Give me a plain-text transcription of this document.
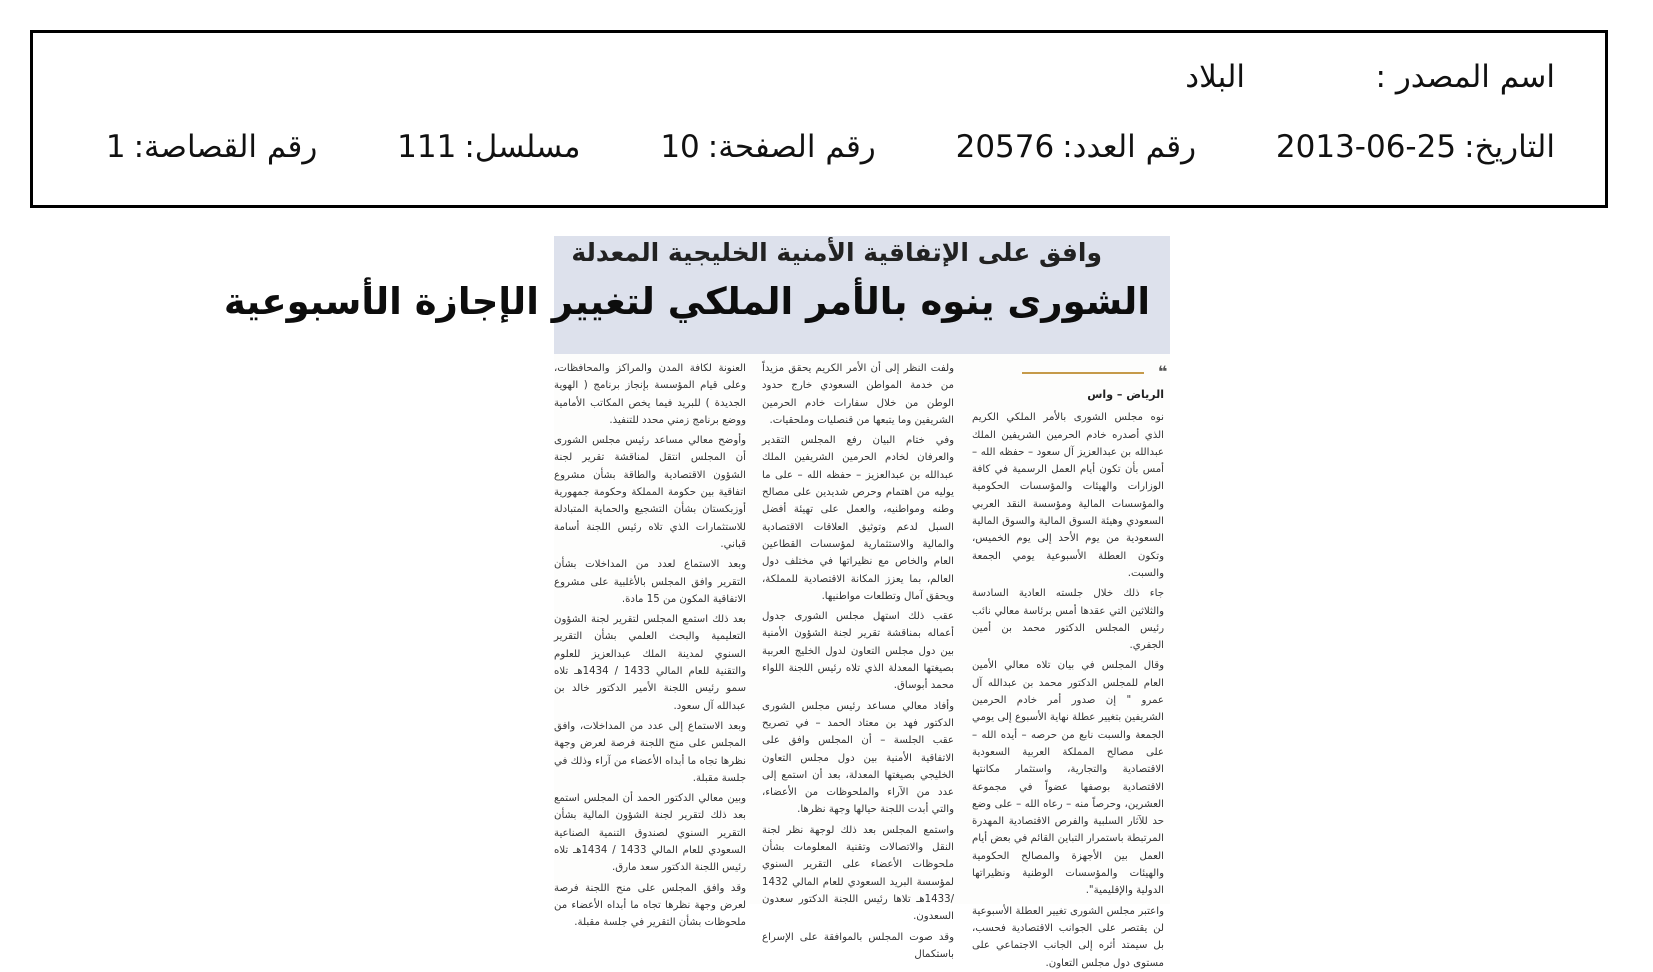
اسم المصدر :
البلاد
التاريخ:2013-06-25 رقم العدد:20576 رقم الصفحة:10 مسلسل:111 رقم القصاصة:1
وافق على الإتفاقية الأمنية الخليجية المعدلة
الشورى ينوه بالأمر الملكي لتغيير الإجازة الأسبوعية
❝

الرياض – واس

نوه مجلس الشورى بالأمر الملكي الكريم الذي أصدره خادم الحرمين الشريفين الملك عبدالله بن عبدالعزيز آل سعود – حفظه الله – أمس بأن تكون أيام العمل الرسمية في كافة الوزارات والهيئات والمؤسسات الحكومية والمؤسسات المالية ومؤسسة النقد العربي السعودي وهيئة السوق المالية والسوق المالية السعودية من يوم الأحد إلى يوم الخميس، وتكون العطلة الأسبوعية يومي الجمعة والسبت.

جاء ذلك خلال جلسته العادية السادسة والثلاثين التي عقدها أمس برئاسة معالي نائب رئيس المجلس الدكتور محمد بن أمين الجفري.

وقال المجلس في بيان تلاه معالي الأمين العام للمجلس الدكتور محمد بن عبدالله آل عمرو " إن صدور أمر خادم الحرمين الشريفين بتغيير عطلة نهاية الأسبوع إلى يومي الجمعة والسبت نابع من حرصه – أيده الله – على مصالح المملكة العربية السعودية الاقتصادية والتجارية، واستثمار مكانتها الاقتصادية بوصفها عضواً في مجموعة العشرين، وحرصاً منه – رعاه الله – على وضع حد للآثار السلبية والفرص الاقتصادية المهدرة المرتبطة باستمرار التباين القائم في بعض أيام العمل بين الأجهزة والمصالح الحكومية والهيئات والمؤسسات الوطنية ونظيراتها الدولية والإقليمية".

واعتبر مجلس الشورى تغيير العطلة الأسبوعية لن يقتصر على الجوانب الاقتصادية فحسب، بل سيمتد أثره إلى الجانب الاجتماعي على مستوى دول مجلس التعاون.

ولفت النظر إلى أن الأمر الكريم يحقق مزيداً من خدمة المواطن السعودي خارج حدود الوطن من خلال سفارات خادم الحرمين الشريفين وما يتبعها من قنصليات وملحقيات.

وفي ختام البيان رفع المجلس التقدير والعرفان لخادم الحرمين الشريفين الملك عبدالله بن عبدالعزيز – حفظه الله – على ما يوليه من اهتمام وحرص شديدين على مصالح وطنه ومواطنيه، والعمل على تهيئة أفضل السبل لدعم وتوثيق العلاقات الاقتصادية والمالية والاستثمارية لمؤسسات القطاعين العام والخاص مع نظيراتها في مختلف دول العالم، بما يعزز المكانة الاقتصادية للمملكة، ويحقق آمال وتطلعات مواطنيها.

عقب ذلك استهل مجلس الشورى جدول أعماله بمناقشة تقرير لجنة الشؤون الأمنية بين دول مجلس التعاون لدول الخليج العربية بصيغتها المعدلة الذي تلاه رئيس اللجنة اللواء محمد أبوساق.

وأفاد معالي مساعد رئيس مجلس الشورى الدكتور فهد بن معتاد الحمد – في تصريح عقب الجلسة – أن المجلس وافق على الاتفاقية الأمنية بين دول مجلس التعاون الخليجي بصيغتها المعدلة، بعد أن استمع إلى عدد من الآراء والملحوظات من الأعضاء، والتي أبدت اللجنة حيالها وجهة نظرها.

واستمع المجلس بعد ذلك لوجهة نظر لجنة النقل والاتصالات وتقنية المعلومات بشأن ملحوظات الأعضاء على التقرير السنوي لمؤسسة البريد السعودي للعام المالي 1432 /1433هـ تلاها رئيس اللجنة الدكتور سعدون السعدون.

وقد صوت المجلس بالموافقة على الإسراع باستكمال

العنونة لكافة المدن والمراكز والمحافظات، وعلى قيام المؤسسة بإنجاز برنامج ( الهوية الجديدة ) للبريد فيما يخص المكاتب الأمامية ووضع برنامج زمني محدد للتنفيذ.

وأوضح معالي مساعد رئيس مجلس الشورى أن المجلس انتقل لمناقشة تقرير لجنة الشؤون الاقتصادية والطاقة بشأن مشروع اتفاقية بين حكومة المملكة وحكومة جمهورية أوزبكستان بشأن التشجيع والحماية المتبادلة للاستثمارات الذي تلاه رئيس اللجنة أسامة قباني.

وبعد الاستماع لعدد من المداخلات بشأن التقرير وافق المجلس بالأغلبية على مشروع الاتفاقية المكون من 15 مادة.

بعد ذلك استمع المجلس لتقرير لجنة الشؤون التعليمية والبحث العلمي بشأن التقرير السنوي لمدينة الملك عبدالعزيز للعلوم والتقنية للعام المالي 1433 / 1434هـ تلاه سمو رئيس اللجنة الأمير الدكتور خالد بن عبدالله آل سعود.

وبعد الاستماع إلى عدد من المداخلات، وافق المجلس على منح اللجنة فرصة لعرض وجهة نظرها تجاه ما أبداه الأعضاء من آراء وذلك في جلسة مقبلة.

وبين معالي الدكتور الحمد أن المجلس استمع بعد ذلك لتقرير لجنة الشؤون المالية بشأن التقرير السنوي لصندوق التنمية الصناعية السعودي للعام المالي 1433 / 1434هـ تلاه رئيس اللجنة الدكتور سعد مارق.

وقد وافق المجلس على منح اللجنة فرصة لعرض وجهة نظرها تجاه ما أبداه الأعضاء من ملحوظات بشأن التقرير في جلسة مقبلة.
